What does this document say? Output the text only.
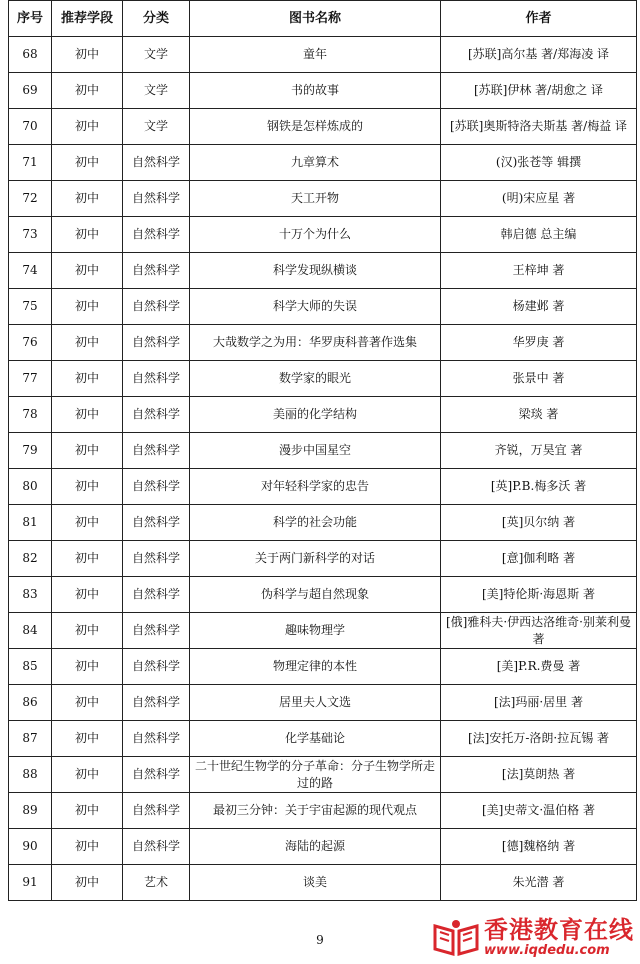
序号	推荐学段	分类	图书名称	作者
68	初中	文学	童年	[苏联]高尔基 著/郑海凌 译
69	初中	文学	书的故事	[苏联]伊林 著/胡愈之 译
70	初中	文学	钢铁是怎样炼成的	[苏联]奥斯特洛夫斯基 著/梅益 译
71	初中	自然科学	九章算术	(汉)张苍等 辑撰
72	初中	自然科学	天工开物	(明)宋应星 著
73	初中	自然科学	十万个为什么	韩启德 总主编
74	初中	自然科学	科学发现纵横谈	王梓坤 著
75	初中	自然科学	科学大师的失误	杨建邺 著
76	初中	自然科学	大哉数学之为用：华罗庚科普著作选集	华罗庚 著
77	初中	自然科学	数学家的眼光	张景中 著
78	初中	自然科学	美丽的化学结构	梁琰 著
79	初中	自然科学	漫步中国星空	齐锐，万昊宜 著
80	初中	自然科学	对年轻科学家的忠告	[英]P.B.梅多沃 著
81	初中	自然科学	科学的社会功能	[英]贝尔纳 著
82	初中	自然科学	关于两门新科学的对话	[意]伽利略 著
83	初中	自然科学	伪科学与超自然现象	[美]特伦斯·海恩斯 著
84	初中	自然科学	趣味物理学	[俄]雅科夫·伊西达洛维奇·别莱利曼 著
85	初中	自然科学	物理定律的本性	[美]P.R.费曼 著
86	初中	自然科学	居里夫人文选	[法]玛丽·居里 著
87	初中	自然科学	化学基础论	[法]安托万-洛朗·拉瓦锡 著
88	初中	自然科学	二十世纪生物学的分子革命：分子生物学所走过的路	[法]莫朗热 著
89	初中	自然科学	最初三分钟：关于宇宙起源的现代观点	[美]史蒂文·温伯格 著
90	初中	自然科学	海陆的起源	[德]魏格纳 著
91	初中	艺术	谈美	朱光潜 著
9	香港教育在线
www.iqdedu.com
